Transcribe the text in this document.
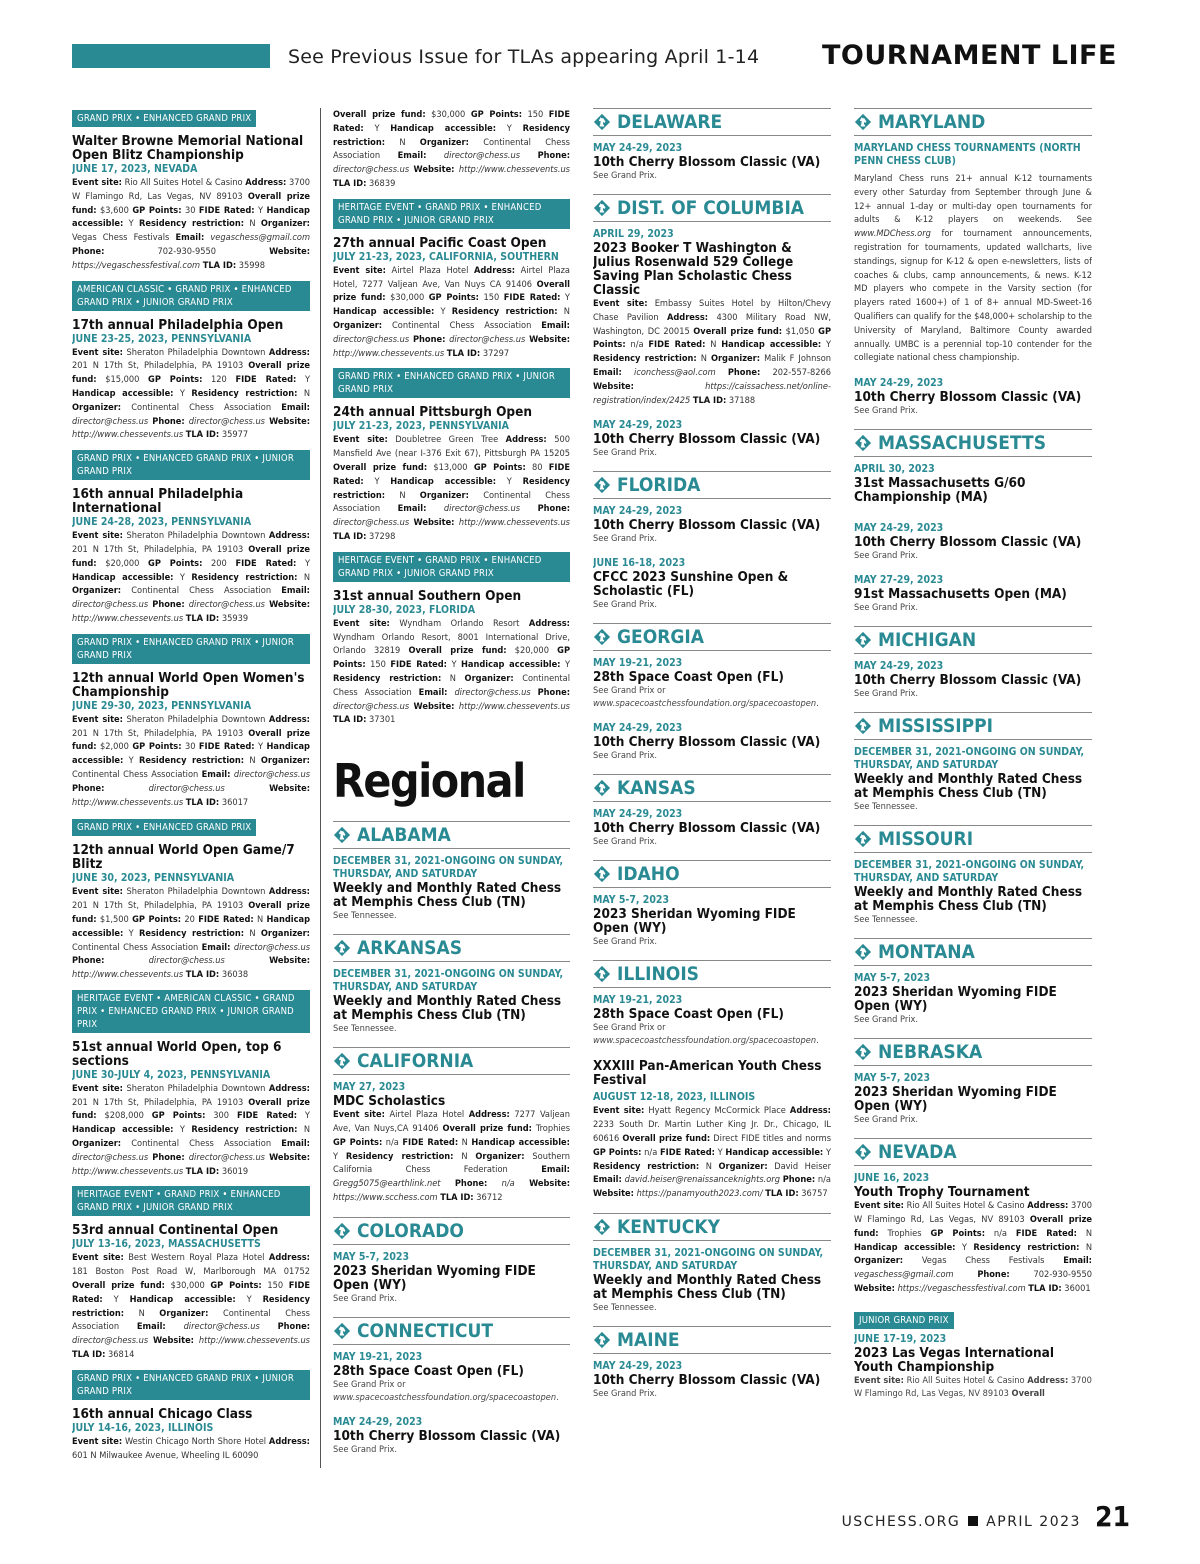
See Previous Issue for TLAs appearing April 1-14 TOURNAMENT LIFE
GRAND PRIX • ENHANCED GRAND PRIX
Walter Browne Memorial National Open Blitz Championship
JUNE 17, 2023, NEVADA
Event site: Rio All Suites Hotel & Casino Address: 3700 W Flamingo Rd, Las Vegas, NV 89103 Overall prize fund: $3,600 GP Points: 30 FIDE Rated: Y Handicap accessible: Y Residency restriction: N Organizer: Vegas Chess Festivals Email: vegaschess@gmail.com Phone: 702-930-9550 Website: https://vegaschessfestival.com TLA ID: 35998
AMERICAN CLASSIC • GRAND PRIX • ENHANCED GRAND PRIX • JUNIOR GRAND PRIX
17th annual Philadelphia Open
JUNE 23-25, 2023, PENNSYLVANIA
Event site: Sheraton Philadelphia Downtown Address: 201 N 17th St, Philadelphia, PA 19103 Overall prize fund: $15,000 GP Points: 120 FIDE Rated: Y Handicap accessible: Y Residency restriction: N Organizer: Continental Chess Association Email: director@chess.us Phone: director@chess.us Website: http://www.chessevents.us TLA ID: 35977
GRAND PRIX • ENHANCED GRAND PRIX • JUNIOR GRAND PRIX
16th annual Philadelphia International
JUNE 24-28, 2023, PENNSYLVANIA
Event site: Sheraton Philadelphia Downtown Address: 201 N 17th St, Philadelphia, PA 19103 Overall prize fund: $20,000 GP Points: 200 FIDE Rated: Y Handicap accessible: Y Residency restriction: N Organizer: Continental Chess Association Email: director@chess.us Phone: director@chess.us Website: http://www.chessevents.us TLA ID: 35939
GRAND PRIX • ENHANCED GRAND PRIX • JUNIOR GRAND PRIX
12th annual World Open Women's Championship
JUNE 29-30, 2023, PENNSYLVANIA
Event site: Sheraton Philadelphia Downtown Address: 201 N 17th St, Philadelphia, PA 19103 Overall prize fund: $2,000 GP Points: 30 FIDE Rated: Y Handicap accessible: Y Residency restriction: N Organizer: Continental Chess Association Email: director@chess.us Phone:	director@chess.us	Website: http://www.chessevents.us TLA ID: 36017
GRAND PRIX • ENHANCED GRAND PRIX
12th annual World Open Game/7 Blitz
JUNE 30, 2023, PENNSYLVANIA
Event site: Sheraton Philadelphia Downtown Address: 201 N 17th St, Philadelphia, PA 19103 Overall prize fund: $1,500 GP Points: 20 FIDE Rated: N Handicap accessible: Y Residency restriction: N Organizer: Continental Chess Association Email: director@chess.us Phone:	director@chess.us	Website: http://www.chessevents.us TLA ID: 36038
HERITAGE EVENT • AMERICAN CLASSIC • GRAND PRIX • ENHANCED GRAND PRIX • JUNIOR GRAND PRIX
51st annual World Open, top 6 sections
JUNE 30-JULY 4, 2023, PENNSYLVANIA
Event site: Sheraton Philadelphia Downtown Address: 201 N 17th St, Philadelphia, PA 19103 Overall prize fund: $208,000 GP Points: 300 FIDE Rated: Y Handicap accessible: Y Residency restriction: N Organizer: Continental Chess Association Email: director@chess.us Phone: director@chess.us Website: http://www.chessevents.us TLA ID: 36019
HERITAGE EVENT • GRAND PRIX • ENHANCED GRAND PRIX • JUNIOR GRAND PRIX
53rd annual Continental Open
JULY 13-16, 2023, MASSACHUSETTS
Event site: Best Western Royal Plaza Hotel Address: 181 Boston Post Road W, Marlborough MA 01752 Overall prize fund: $30,000 GP Points: 150 FIDE Rated: Y Handicap accessible: Y Residency restriction: N Organizer: Continental Chess Association Email: director@chess.us Phone: director@chess.us Website: http://www.chessevents.us TLA ID: 36814
GRAND PRIX • ENHANCED GRAND PRIX • JUNIOR GRAND PRIX
16th annual Chicago Class
JULY 14-16, 2023, ILLINOIS
Event site: Westin Chicago North Shore Hotel Address: 601 N Milwaukee Avenue, Wheeling IL 60090
Overall prize fund: $30,000 GP Points: 150 FIDE Rated: Y Handicap accessible: Y Residency restriction: N Organizer: Continental Chess Association Email: director@chess.us Phone: director@chess.us Website: http://www.chessevents.us TLA ID: 36839
HERITAGE EVENT • GRAND PRIX • ENHANCED GRAND PRIX • JUNIOR GRAND PRIX
27th annual Pacific Coast Open
JULY 21-23, 2023, CALIFORNIA, SOUTHERN
Event site: Airtel Plaza Hotel Address: Airtel Plaza Hotel, 7277 Valjean Ave, Van Nuys CA 91406 Overall prize fund: $30,000 GP Points: 150 FIDE Rated: Y Handicap accessible: Y Residency restriction: N Organizer: Continental Chess Association Email: director@chess.us Phone: director@chess.us Website: http://www.chessevents.us TLA ID: 37297
GRAND PRIX • ENHANCED GRAND PRIX • JUNIOR GRAND PRIX
24th annual Pittsburgh Open
JULY 21-23, 2023, PENNSYLVANIA
Event site: Doubletree Green Tree Address: 500 Mansfield Ave (near I-376 Exit 67), Pittsburgh PA 15205 Overall prize fund: $13,000 GP Points: 80 FIDE Rated: Y Handicap accessible: Y Residency restriction: N Organizer: Continental Chess Association Email: director@chess.us Phone: director@chess.us Website: http://www.chessevents.us TLA ID: 37298
HERITAGE EVENT • GRAND PRIX • ENHANCED GRAND PRIX • JUNIOR GRAND PRIX
31st annual Southern Open
JULY 28-30, 2023, FLORIDA
Event site: Wyndham Orlando Resort Address: Wyndham Orlando Resort, 8001 International Drive, Orlando 32819 Overall prize fund: $20,000 GP Points: 150 FIDE Rated: Y Handicap accessible: Y Residency restriction: N Organizer: Continental Chess Association Email: director@chess.us Phone: director@chess.us Website: http://www.chessevents.us TLA ID: 37301
Regional
ALABAMA
DECEMBER 31, 2021-ONGOING ON SUNDAY, THURSDAY, AND SATURDAY
Weekly and Monthly Rated Chess at Memphis Chess Club (TN)
See Tennessee.
ARKANSAS
DECEMBER 31, 2021-ONGOING ON SUNDAY, THURSDAY, AND SATURDAY
Weekly and Monthly Rated Chess at Memphis Chess Club (TN)
See Tennessee.
CALIFORNIA
MAY 27, 2023
MDC Scholastics
Event site: Airtel Plaza Hotel Address: 7277 Valjean Ave, Van Nuys,CA 91406 Overall prize fund: Trophies GP Points: n/a FIDE Rated: N Handicap accessible: Y Residency restriction: N Organizer: Southern California Chess Federation Email: Gregg5075@earthlink.net Phone: n/a Website: https://www.scchess.com TLA ID: 36712
COLORADO
MAY 5-7, 2023
2023 Sheridan Wyoming FIDE Open (WY)
See Grand Prix.
CONNECTICUT
MAY 19-21, 2023
28th Space Coast Open (FL)
See Grand Prix or www.spacecoastchessfoundation.org/spacecoastopen.
MAY 24-29, 2023
10th Cherry Blossom Classic (VA)
See Grand Prix.
DELAWARE
MAY 24-29, 2023
10th Cherry Blossom Classic (VA)
See Grand Prix.
DIST. OF COLUMBIA
APRIL 29, 2023
2023 Booker T Washington & Julius Rosenwald 529 College Saving Plan Scholastic Chess Classic
Event site: Embassy Suites Hotel by Hilton/Chevy Chase Pavilion Address: 4300 Military Road NW, Washington, DC 20015 Overall prize fund: $1,050 GP Points: n/a FIDE Rated: N Handicap accessible: Y Residency restriction: N Organizer: Malik F Johnson Email: iconchess@aol.com Phone: 202-557-8266 Website:	https://caissachess.net/online-registration/index/2425 TLA ID: 37188
MAY 24-29, 2023
10th Cherry Blossom Classic (VA)
See Grand Prix.
FLORIDA
MAY 24-29, 2023
10th Cherry Blossom Classic (VA)
See Grand Prix.
JUNE 16-18, 2023
CFCC 2023 Sunshine Open & Scholastic (FL)
See Grand Prix.
GEORGIA
MAY 19-21, 2023
28th Space Coast Open (FL)
See Grand Prix or www.spacecoastchessfoundation.org/spacecoastopen.
MAY 24-29, 2023
10th Cherry Blossom Classic (VA)
See Grand Prix.
KANSAS
MAY 24-29, 2023
10th Cherry Blossom Classic (VA)
See Grand Prix.
IDAHO
MAY 5-7, 2023
2023 Sheridan Wyoming FIDE Open (WY)
See Grand Prix.
ILLINOIS
MAY 19-21, 2023
28th Space Coast Open (FL)
See Grand Prix or www.spacecoastchessfoundation.org/spacecoastopen.
XXXIII Pan-American Youth Chess Festival
AUGUST 12-18, 2023, ILLINOIS
Event site: Hyatt Regency McCormick Place Address: 2233 South Dr. Martin Luther King Jr. Dr., Chicago, IL 60616 Overall prize fund: Direct FIDE titles and norms GP Points: n/a FIDE Rated: Y Handicap accessible: Y Residency restriction: N Organizer: David Heiser Email: david.heiser@renaissanceknights.org Phone: n/a Website: https://panamyouth2023.com/ TLA ID: 36757
KENTUCKY
DECEMBER 31, 2021-ONGOING ON SUNDAY, THURSDAY, AND SATURDAY
Weekly and Monthly Rated Chess at Memphis Chess Club (TN)
See Tennessee.
MAINE
MAY 24-29, 2023
10th Cherry Blossom Classic (VA)
See Grand Prix.
MARYLAND
MARYLAND CHESS TOURNAMENTS (NORTH PENN CHESS CLUB)
Maryland Chess runs 21+ annual K-12 tournaments every other Saturday from September through June & 12+ annual 1-day or multi-day open tournaments for adults & K-12 players on weekends. See www.MDChess.org for tournament announcements, registration for tournaments, updated wallcharts, live standings, signup for K-12 & open e-newsletters, lists of coaches & clubs, camp announcements, & news. K-12 MD players who compete in the Varsity section (for players rated 1600+) of 1 of 8+ annual MD-Sweet-16 Qualifiers can qualify for the $48,000+ scholarship to the University of Maryland, Baltimore County awarded annually. UMBC is a perennial top-10 contender for the collegiate national chess championship.
MAY 24-29, 2023
10th Cherry Blossom Classic (VA)
See Grand Prix.
MASSACHUSETTS
APRIL 30, 2023
31st Massachusetts G/60 Championship (MA)
MAY 24-29, 2023
10th Cherry Blossom Classic (VA)
See Grand Prix.
MAY 27-29, 2023
91st Massachusetts Open (MA)
See Grand Prix.
MICHIGAN
MAY 24-29, 2023
10th Cherry Blossom Classic (VA)
See Grand Prix.
MISSISSIPPI
DECEMBER 31, 2021-ONGOING ON SUNDAY, THURSDAY, AND SATURDAY
Weekly and Monthly Rated Chess at Memphis Chess Club (TN)
See Tennessee.
MISSOURI
DECEMBER 31, 2021-ONGOING ON SUNDAY, THURSDAY, AND SATURDAY
Weekly and Monthly Rated Chess at Memphis Chess Club (TN)
See Tennessee.
MONTANA
MAY 5-7, 2023
2023 Sheridan Wyoming FIDE Open (WY)
See Grand Prix.
NEBRASKA
MAY 5-7, 2023
2023 Sheridan Wyoming FIDE Open (WY)
See Grand Prix.
NEVADA
JUNE 16, 2023
Youth Trophy Tournament
Event site: Rio All Suites Hotel & Casino Address: 3700 W Flamingo Rd, Las Vegas, NV 89103 Overall prize fund: Trophies GP Points: n/a FIDE Rated: N Handicap accessible: Y Residency restriction: N Organizer: Vegas Chess Festivals Email: vegaschess@gmail.com	Phone: 702-930-9550 Website: https://vegaschessfestival.com TLA ID: 36001
JUNIOR GRAND PRIX
JUNE 17-19, 2023
2023 Las Vegas International Youth Championship
Event site: Rio All Suites Hotel & Casino Address: 3700 W Flamingo Rd, Las Vegas, NV 89103 Overall
USCHESS.ORG APRIL 2023 21
